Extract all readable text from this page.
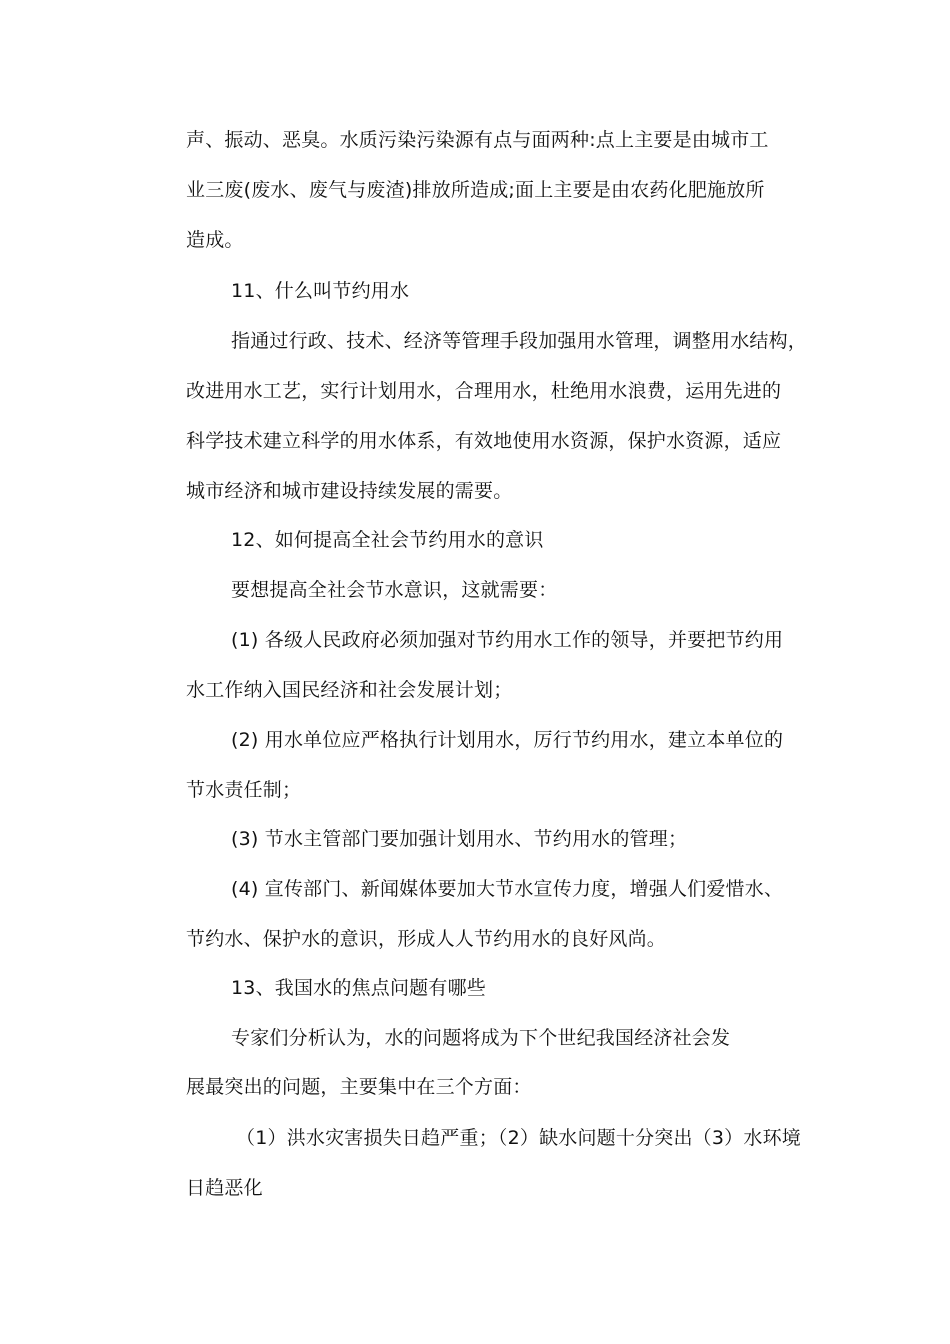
声、振动、恶臭。水质污染污染源有点与面两种:点上主要是由城市工
业三废(废水、废气与废渣)排放所造成;面上主要是由农药化肥施放所
造成。
11、什么叫节约用水
指通过行政、技术、经济等管理手段加强用水管理，调整用水结构，
改进用水工艺，实行计划用水，合理用水，杜绝用水浪费，运用先进的
科学技术建立科学的用水体系，有效地使用水资源，保护水资源，适应
城市经济和城市建设持续发展的需要。
12、如何提高全社会节约用水的意识
要想提高全社会节水意识，这就需要：
(1) 各级人民政府必须加强对节约用水工作的领导，并要把节约用
水工作纳入国民经济和社会发展计划；
(2) 用水单位应严格执行计划用水，厉行节约用水，建立本单位的
节水责任制；
(3) 节水主管部门要加强计划用水、节约用水的管理；
(4) 宣传部门、新闻媒体要加大节水宣传力度，增强人们爱惜水、
节约水、保护水的意识，形成人人节约用水的良好风尚。
13、我国水的焦点问题有哪些
专家们分析认为，水的问题将成为下个世纪我国经济社会发
展最突出的问题，主要集中在三个方面：
（1）洪水灾害损失日趋严重；（2）缺水问题十分突出（3）水环境
日趋恶化
